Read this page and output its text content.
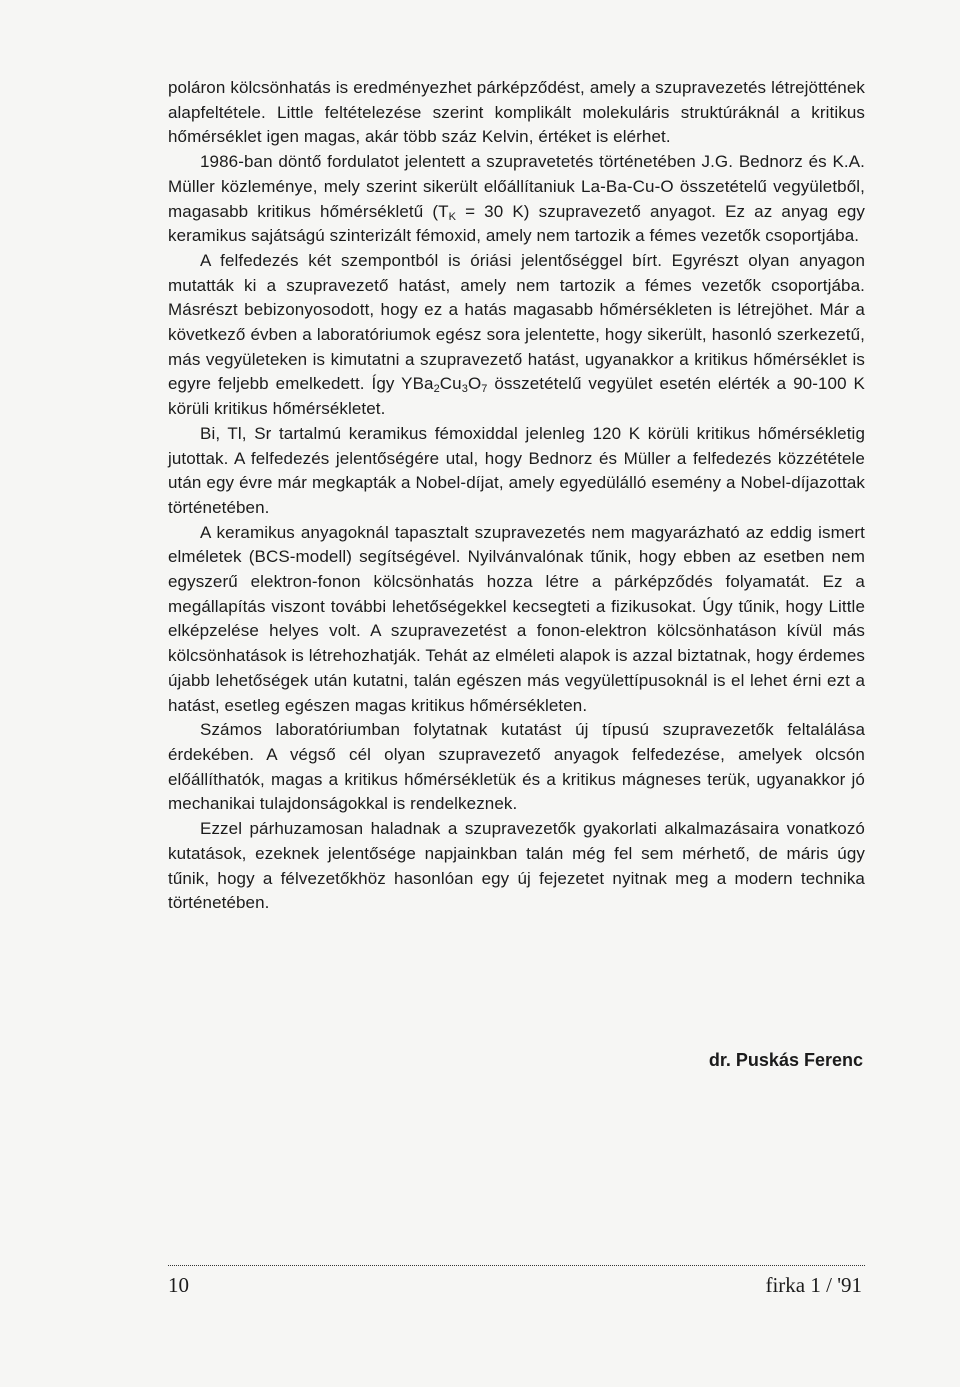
poláron kölcsönhatás is eredményezhet párképződést, amely a szupravezetés létrejöttének alapfeltétele. Little feltételezése szerint komplikált molekuláris struktúráknál a kritikus hőmérséklet igen magas, akár több száz Kelvin, értéket is elérhet.

1986-ban döntő fordulatot jelentett a szupravetetés történetében J.G. Bednorz és K.A. Müller közleménye, mely szerint sikerült előállítaniuk La-Ba-Cu-O összetételű vegyületből, magasabb kritikus hőmérsékletű ($T_K = 30$ K) szupravezető anyagot. Ez az anyag egy keramikus sajátságú szinterizált fémoxid, amely nem tartozik a fémes vezetők csoportjába.

A felfedezés két szempontból is óriási jelentőséggel bírt. Egyrészt olyan anyagon mutatták ki a szupravezető hatást, amely nem tartozik a fémes vezetők csoportjába. Másrészt bebizonyosodott, hogy ez a hatás magasabb hőmérsékleten is létrejöhet. Már a következő évben a laboratóriumok egész sora jelentette, hogy sikerült, hasonló szerkezetű, más vegyületeken is kimutatni a szupravezető hatást, ugyanakkor a kritikus hőmérséklet is egyre feljebb emelkedett. Így $YBa_2Cu_3O_7$ összetételű vegyület esetén elérték a 90-100 K körüli kritikus hőmérsékletet.

Bi, Tl, Sr tartalmú keramikus fémoxiddal jelenleg 120 K körüli kritikus hőmérsékletig jutottak. A felfedezés jelentőségére utal, hogy Bednorz és Müller a felfedezés közzététele után egy évre már megkapták a Nobel-díjat, amely egyedülálló esemény a Nobel-díjazottak történetében.

A keramikus anyagoknál tapasztalt szupravezetés nem magyarázható az eddig ismert elméletek (BCS-modell) segítségével. Nyilvánvalónak tűnik, hogy ebben az esetben nem egyszerű elektron-fonon kölcsönhatás hozza létre a párképződés folyamatát. Ez a megállapítás viszont további lehetőségekkel kecsegteti a fizikusokat. Úgy tűnik, hogy Little elképzelése helyes volt. A szupravezetést a fonon-elektron kölcsönhatáson kívül más kölcsönhatások is létrehozhatják. Tehát az elméleti alapok is azzal biztatnak, hogy érdemes újabb lehetőségek után kutatni, talán egészen más vegyülettípusoknál is el lehet érni ezt a hatást, esetleg egészen magas kritikus hőmérsékleten.

Számos laboratóriumban folytatnak kutatást új típusú szupravezetők feltalálása érdekében. A végső cél olyan szupravezető anyagok felfedezése, amelyek olcsón előállíthatók, magas a kritikus hőmérsékletük és a kritikus mágneses terük, ugyanakkor jó mechanikai tulajdonságokkal is rendelkeznek.

Ezzel párhuzamosan haladnak a szupravezetők gyakorlati alkalmazásaira vonatkozó kutatások, ezeknek jelentősége napjainkban talán még fel sem mérhető, de máris úgy tűnik, hogy a félvezetőkhöz hasonlóan egy új fejezetet nyitnak meg a modern technika történetében.

dr. Puskás Ferenc
10	firka 1 / '91
